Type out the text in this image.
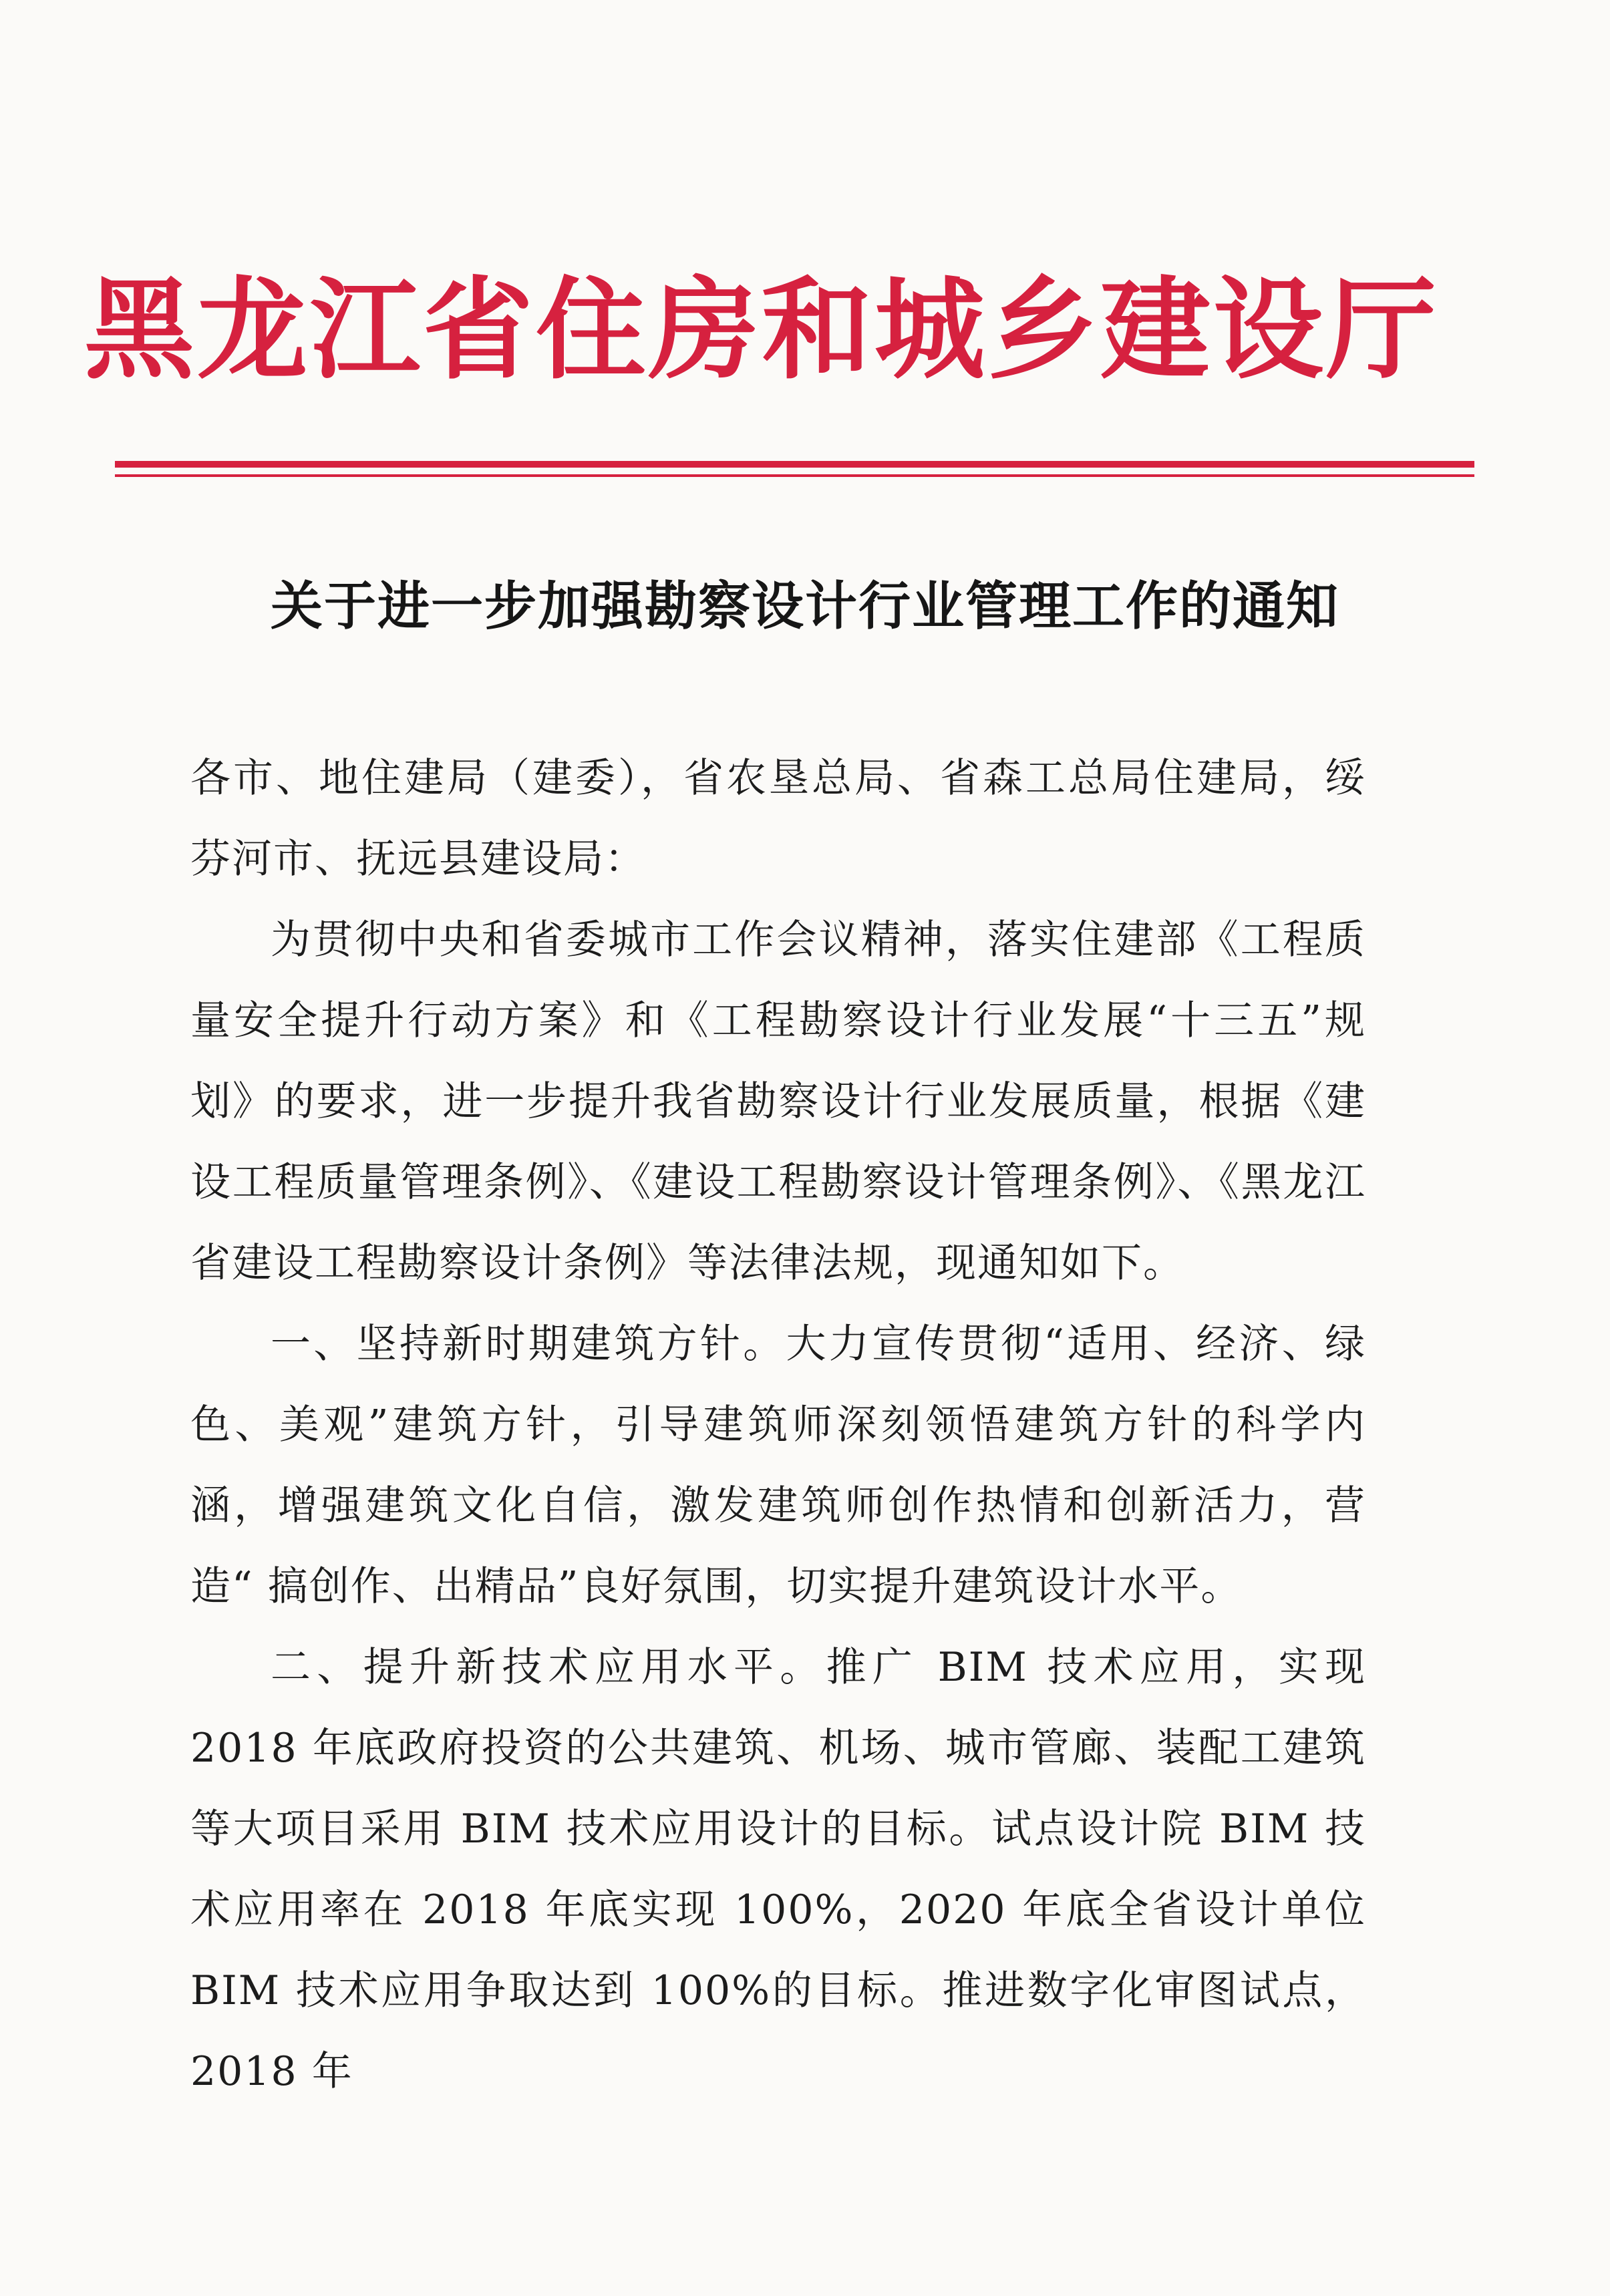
黑龙江省住房和城乡建设厅
关于进一步加强勘察设计行业管理工作的通知

各市、地住建局（建委），省农垦总局、省森工总局住建局，绥芬河市、抚远县建设局：

为贯彻中央和省委城市工作会议精神，落实住建部《工程质量安全提升行动方案》和《工程勘察设计行业发展“十三五”规划》的要求，进一步提升我省勘察设计行业发展质量，根据《建设工程质量管理条例》、《建设工程勘察设计管理条例》、《黑龙江省建设工程勘察设计条例》等法律法规，现通知如下。

一、坚持新时期建筑方针。大力宣传贯彻“适用、经济、绿色、美观”建筑方针，引导建筑师深刻领悟建筑方针的科学内涵，增强建筑文化自信，激发建筑师创作热情和创新活力，营造“ 搞创作、出精品”良好氛围，切实提升建筑设计水平。

二、提升新技术应用水平。推广 BIM 技术应用，实现 2018 年底政府投资的公共建筑、机场、城市管廊、装配工建筑等大项目采用 BIM 技术应用设计的目标。试点设计院 BIM 技术应用率在 2018 年底实现 100%，2020 年底全省设计单位 BIM 技术应用争取达到 100%的目标。推进数字化审图试点，2018 年
